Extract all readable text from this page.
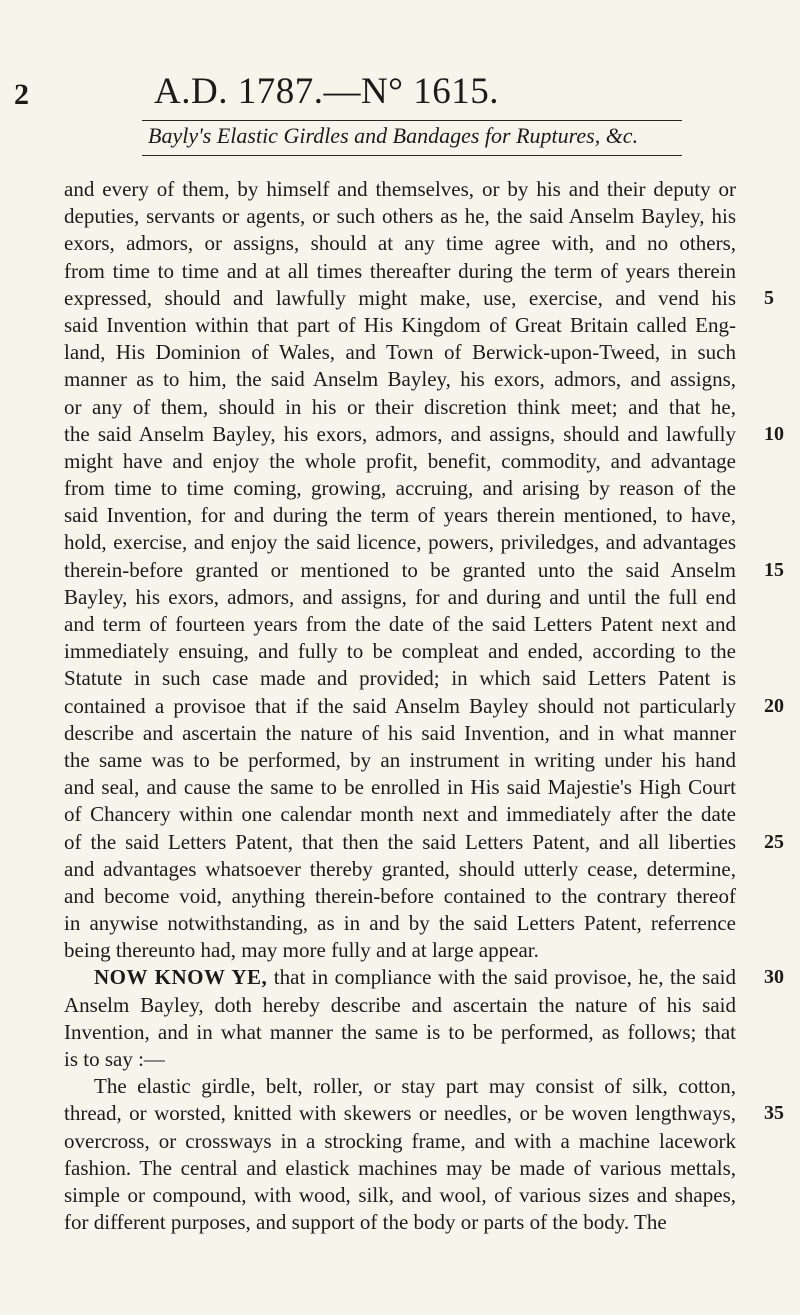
2	A.D. 1787.—N° 1615.
Bayly's Elastic Girdles and Bandages for Ruptures, &c.
and every of them, by himself and themselves, or by his and their deputy or
deputies, servants or agents, or such others as he, the said Anselm Bayley, his
exors, admors, or assigns, should at any time agree with, and no others,
from time to time and at all times thereafter during the term of years therein
expressed, should and lawfully might make, use, exercise, and vend his 5
said Invention within that part of His Kingdom of Great Britain called Eng-
land, His Dominion of Wales, and Town of Berwick-upon-Tweed, in such
manner as to him, the said Anselm Bayley, his exors, admors, and assigns,
or any of them, should in his or their discretion think meet; and that he,
the said Anselm Bayley, his exors, admors, and assigns, should and lawfully 10
might have and enjoy the whole profit, benefit, commodity, and advantage
from time to time coming, growing, accruing, and arising by reason of the
said Invention, for and during the term of years therein mentioned, to have,
hold, exercise, and enjoy the said licence, powers, priviledges, and advantages
therein-before granted or mentioned to be granted unto the said Anselm 15
Bayley, his exors, admors, and assigns, for and during and until the full end
and term of fourteen years from the date of the said Letters Patent next and
immediately ensuing, and fully to be compleat and ended, according to the
Statute in such case made and provided; in which said Letters Patent is
contained a provisoe that if the said Anselm Bayley should not particularly 20
describe and ascertain the nature of his said Invention, and in what manner
the same was to be performed, by an instrument in writing under his hand
and seal, and cause the same to be enrolled in His said Majestie's High Court
of Chancery within one calendar month next and immediately after the date
of the said Letters Patent, that then the said Letters Patent, and all liberties 25
and advantages whatsoever thereby granted, should utterly cease, determine,
and become void, anything therein-before contained to the contrary thereof
in anywise notwithstanding, as in and by the said Letters Patent, referrence
being thereunto had, may more fully and at large appear.
NOW KNOW YE, that in compliance with the said provisoe, he, the said 30
Anselm Bayley, doth hereby describe and ascertain the nature of his said
Invention, and in what manner the same is to be performed, as follows; that
is to say :—
The elastic girdle, belt, roller, or stay part may consist of silk, cotton,
thread, or worsted, knitted with skewers or needles, or be woven lengthways, 35
overcross, or crossways in a strocking frame, and with a machine lacework
fashion. The central and elastick machines may be made of various mettals,
simple or compound, with wood, silk, and wool, of various sizes and shapes,
for different purposes, and support of the body or parts of the body. The
